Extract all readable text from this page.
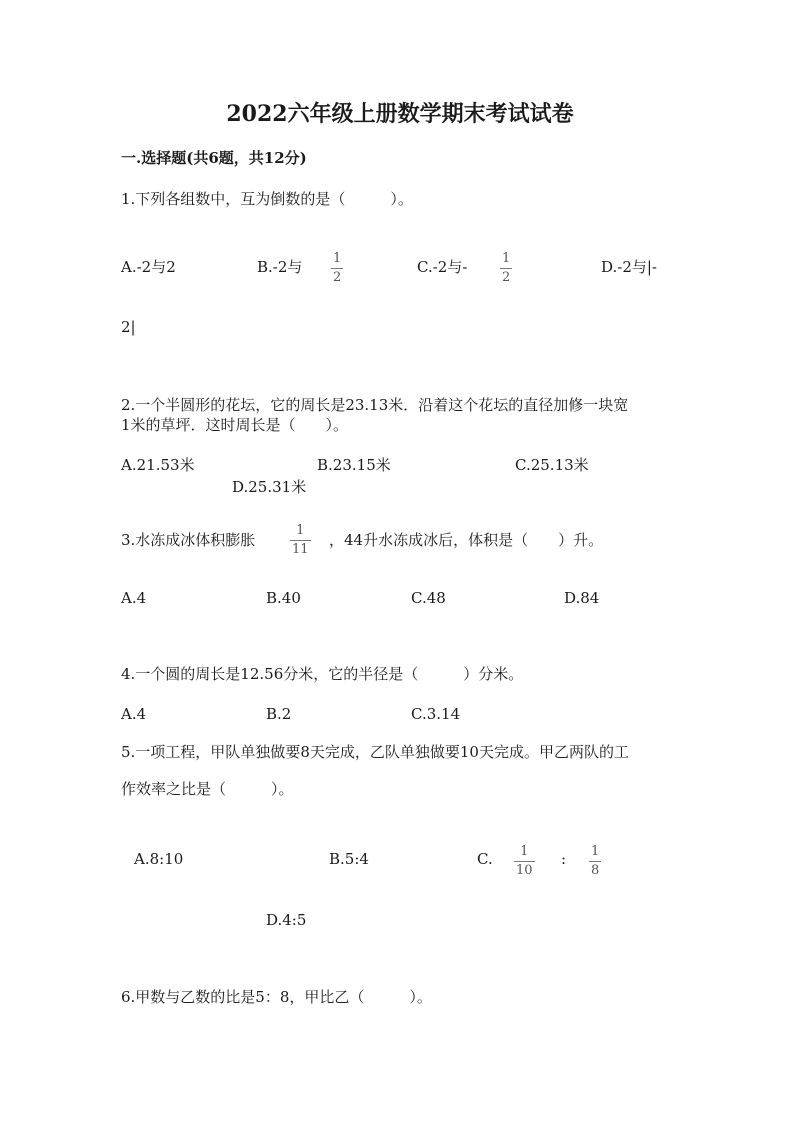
2022六年级上册数学期末考试试卷
一.选择题(共6题，共12分)
1.下列各组数中，互为倒数的是（　　　）。
A.-2与2	B.-2与 1
2
C.-2与-	1
2
D.-2与|-
2|
2.一个半圆形的花坛，它的周长是23.13米．沿着这个花坛的直径加修一块宽
1米的草坪．这时周长是（　　）。
A.21.53米	B.23.15米	C.25.13米
D.25.31米
3.水冻成冰体积膨胀
1
11
，44升水冻成冰后，体积是（　　）升。
A.4	B.40	C.48	D.84
4.一个圆的周长是12.56分米，它的半径是（　　　）分米。
A.4	B.2	C.3.14
5.一项工程，甲队单独做要8天完成，乙队单独做要10天完成。甲乙两队的工
作效率之比是（　　　）。
A.8:10	B.5:4	C. 1
10
: 1
8
D.4:5
6.甲数与乙数的比是5：8，甲比乙（　　　）。
